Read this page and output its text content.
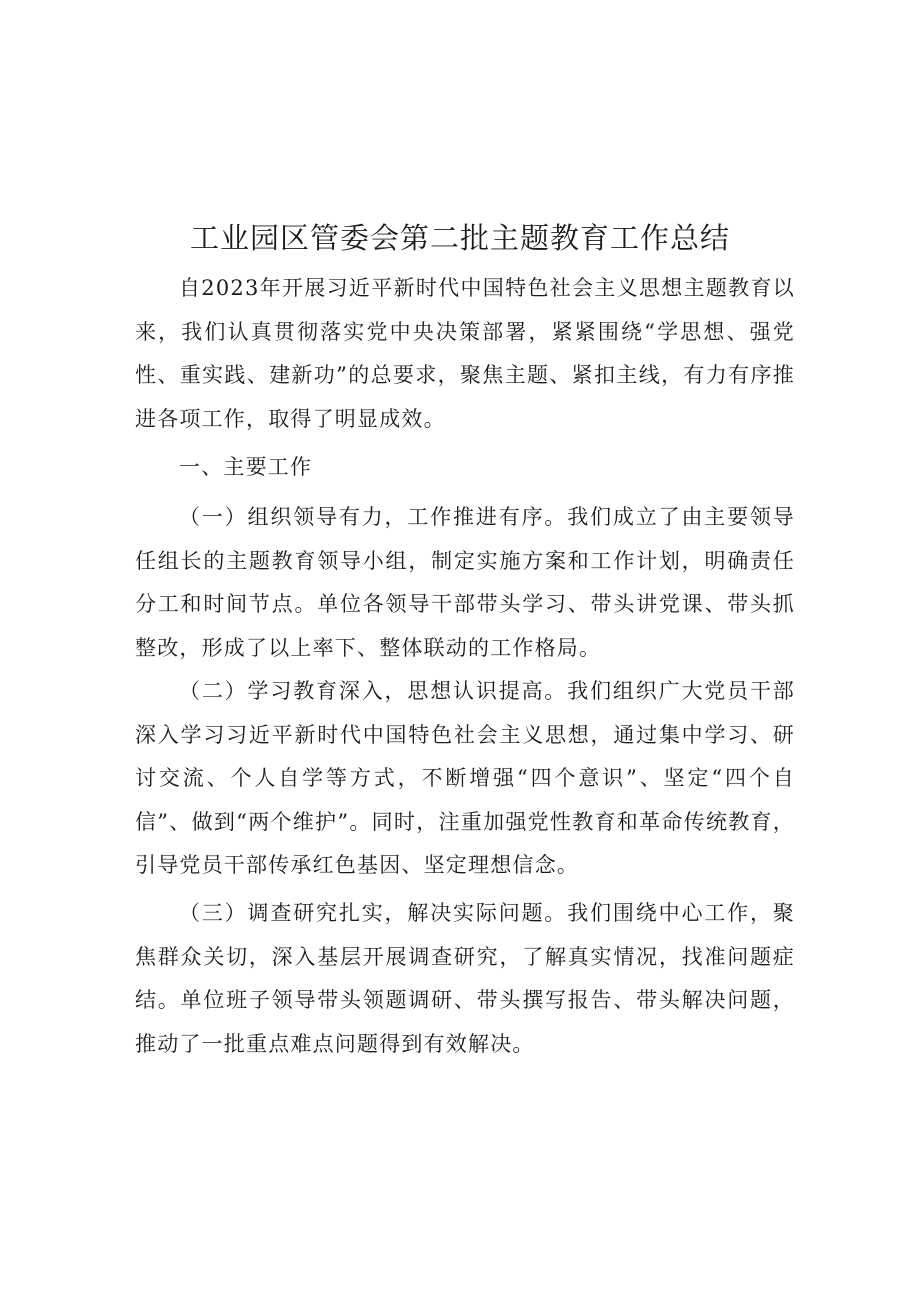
工业园区管委会第二批主题教育工作总结

自2023年开展习近平新时代中国特色社会主义思想主题教育以来，我们认真贯彻落实党中央决策部署，紧紧围绕“学思想、强党性、重实践、建新功”的总要求，聚焦主题、紧扣主线，有力有序推进各项工作，取得了明显成效。

一、主要工作

（一）组织领导有力，工作推进有序。我们成立了由主要领导任组长的主题教育领导小组，制定实施方案和工作计划，明确责任分工和时间节点。单位各领导干部带头学习、带头讲党课、带头抓整改，形成了以上率下、整体联动的工作格局。

（二）学习教育深入，思想认识提高。我们组织广大党员干部深入学习习近平新时代中国特色社会主义思想，通过集中学习、研讨交流、个人自学等方式，不断增强“四个意识”、坚定“四个自信”、做到“两个维护”。同时，注重加强党性教育和革命传统教育，引导党员干部传承红色基因、坚定理想信念。

（三）调查研究扎实，解决实际问题。我们围绕中心工作，聚焦群众关切，深入基层开展调查研究，了解真实情况，找准问题症结。单位班子领导带头领题调研、带头撰写报告、带头解决问题，推动了一批重点难点问题得到有效解决。
